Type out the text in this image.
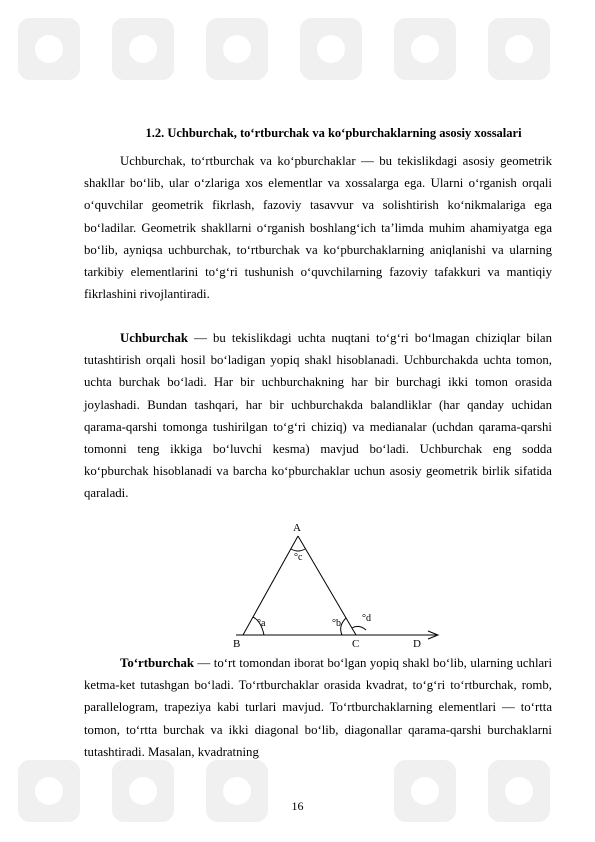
1.2. Uchburchak, to‘rtburchak va ko‘pburchaklarning asosiy xossalari

Uchburchak, to‘rtburchak va ko‘pburchaklar — bu tekislikdagi asosiy geometrik shakllar bo‘lib, ular o‘zlariga xos elementlar va xossalarga ega. Ularni o‘rganish orqali o‘quvchilar geometrik fikrlash, fazoviy tasavvur va solishtirish ko‘nikmalariga ega bo‘ladilar. Geometrik shakllarni o‘rganish boshlang‘ich ta’limda muhim ahamiyatga ega bo‘lib, ayniqsa uchburchak, to‘rtburchak va ko‘pburchaklarning aniqlanishi va ularning tarkibiy elementlarini to‘g‘ri tushunish o‘quvchilarning fazoviy tafakkuri va mantiqiy fikrlashini rivojlantiradi.

Uchburchak — bu tekislikdagi uchta nuqtani to‘g‘ri bo‘lmagan chiziqlar bilan tutashtirish orqali hosil bo‘ladigan yopiq shakl hisoblanadi. Uchburchakda uchta tomon, uchta burchak bo‘ladi. Har bir uchburchakning har bir burchagi ikki tomon orasida joylashadi. Bundan tashqari, har bir uchburchakda balandliklar (har qanday uchidan qarama-qarshi tomonga tushirilgan to‘g‘ri chiziq) va medianalar (uchdan qarama-qarshi tomonni teng ikkiga bo‘luvchi kesma) mavjud bo‘ladi. Uchburchak eng sodda ko‘pburchak hisoblanadi va barcha ko‘pburchaklar uchun asosiy geometrik birlik sifatida qaraladi.

A
B	C	D
°c
°a	°b °d

To‘rtburchak — to‘rt tomondan iborat bo‘lgan yopiq shakl bo‘lib, ularning uchlari ketma-ket tutashgan bo‘ladi. To‘rtburchaklar orasida kvadrat, to‘g‘ri to‘rtburchak, romb, parallelogram, trapeziya kabi turlari mavjud. To‘rtburchaklarning elementlari — to‘rtta tomon, to‘rtta burchak va ikki diagonal bo‘lib, diagonallar qarama-qarshi burchaklarni tutashtiradi. Masalan, kvadratning

16
